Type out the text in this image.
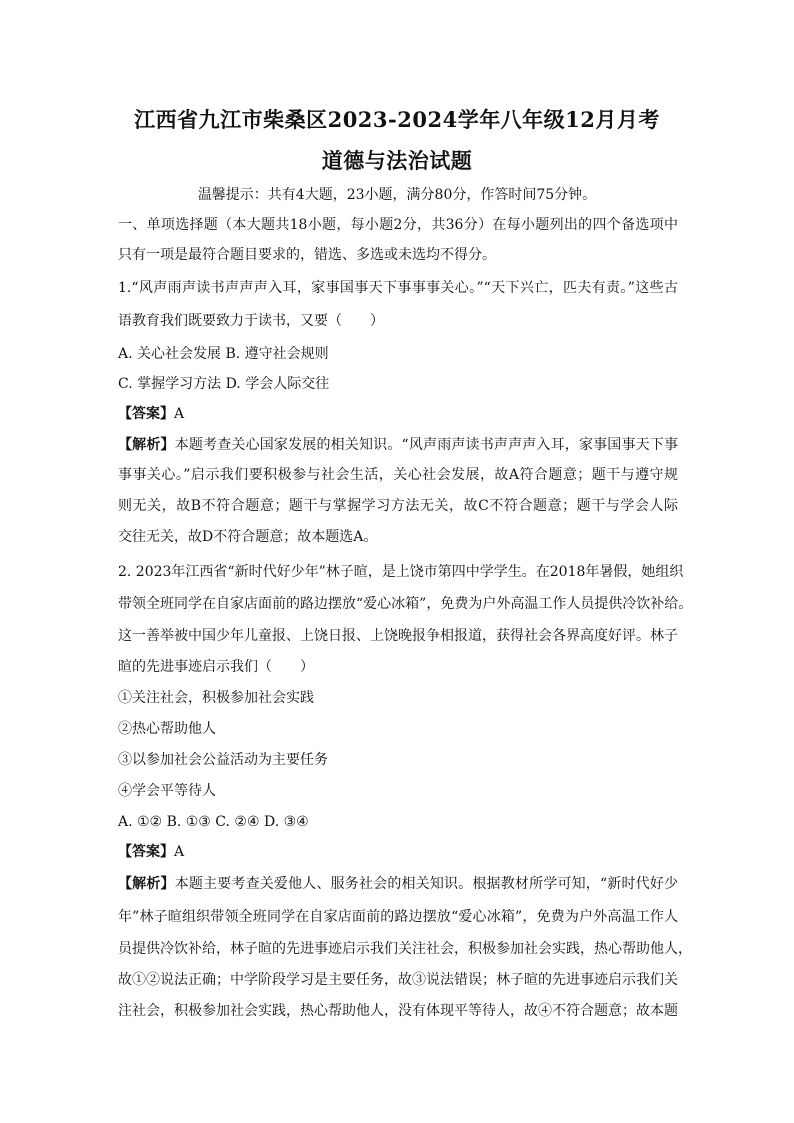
江西省九江市柴桑区2023-2024学年八年级12月月考
道德与法治试题
温馨提示：共有4大题，23小题，满分80分，作答时间75分钟。
一、单项选择题（本大题共18小题，每小题2分，共36分）在每小题列出的四个备选项中
只有一项是最符合题目要求的，错选、多选或未选均不得分。
1.“风声雨声读书声声声入耳，家事国事天下事事事关心。”“天下兴亡，匹夫有责。”这些古
语教育我们既要致力于读书，又要（　　）
A. 关心社会发展 B. 遵守社会规则
C. 掌握学习方法 D. 学会人际交往
【答案】A
【解析】本题考查关心国家发展的相关知识。“风声雨声读书声声声入耳，家事国事天下事
事事关心。”启示我们要积极参与社会生活，关心社会发展，故A符合题意；题干与遵守规
则无关，故B不符合题意；题干与掌握学习方法无关，故C不符合题意；题干与学会人际
交往无关，故D不符合题意；故本题选A。
2. 2023年江西省“新时代好少年”林子暄，是上饶市第四中学学生。在2018年暑假，她组织
带领全班同学在自家店面前的路边摆放“爱心冰箱”，免费为户外高温工作人员提供冷饮补给。
这一善举被中国少年儿童报、上饶日报、上饶晚报争相报道，获得社会各界高度好评。林子
暄的先进事迹启示我们（　　）
①关注社会，积极参加社会实践
②热心帮助他人
③以参加社会公益活动为主要任务
④学会平等待人
A. ①② B. ①③ C. ②④ D. ③④
【答案】A
【解析】本题主要考查关爱他人、服务社会的相关知识。根据教材所学可知，“新时代好少
年”林子暄组织带领全班同学在自家店面前的路边摆放“爱心冰箱”，免费为户外高温工作人
员提供冷饮补给，林子暄的先进事迹启示我们关注社会，积极参加社会实践，热心帮助他人，
故①②说法正确；中学阶段学习是主要任务，故③说法错误；林子暄的先进事迹启示我们关
注社会，积极参加社会实践，热心帮助他人，没有体现平等待人，故④不符合题意；故本题
